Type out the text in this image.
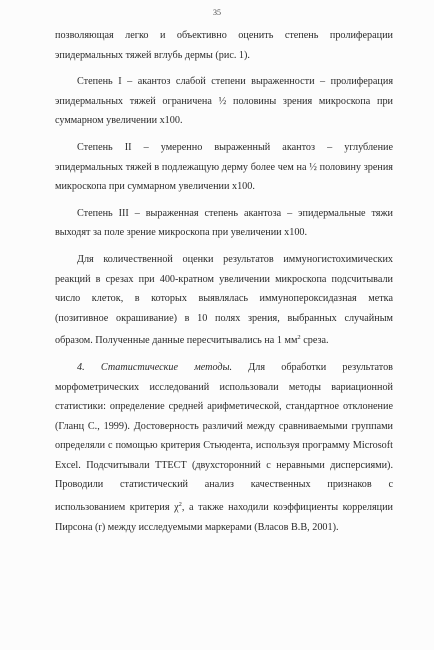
35

позволяющая легко и объективно оценить степень пролиферации эпидермальных тяжей вглубь дермы (рис. 1).

Степень I – акантоз слабой степени выраженности – пролиферация эпидермальных тяжей ограничена ½ половины зрения микроскопа при суммарном увеличении х100.

Степень II – умеренно выраженный акантоз – углубление эпидермальных тяжей в подлежащую дерму более чем на ½ половину зрения микроскопа при суммарном увеличении х100.

Степень III – выраженная степень акантоза – эпидермальные тяжи выходят за поле зрение микроскопа при увеличении х100.

Для количественной оценки результатов иммуногистохимических реакций в срезах при 400-кратном увеличении микроскопа подсчитывали число клеток, в которых выявлялась иммунопероксидазная метка (позитивное окрашивание) в 10 полях зрения, выбранных случайным образом. Полученные данные пересчитывались на 1 $мм^2$ среза.

4. Статистические методы. Для обработки результатов морфометрических исследований использовали методы вариационной статистики: определение средней арифметической, стандартное отклонение (Гланц С., 1999). Достоверность различий между сравниваемыми группами определяли с помощью критерия Стьюдента, используя программу Microsoft Excel. Подсчитывали TTEСT (двухсторонний с неравными дисперсиями). Проводили статистический анализ качественных признаков с использованием критерия $\chi^2$, а также находили коэффициенты корреляции Пирсона (r) между исследуемыми маркерами (Власов В.В, 2001).
